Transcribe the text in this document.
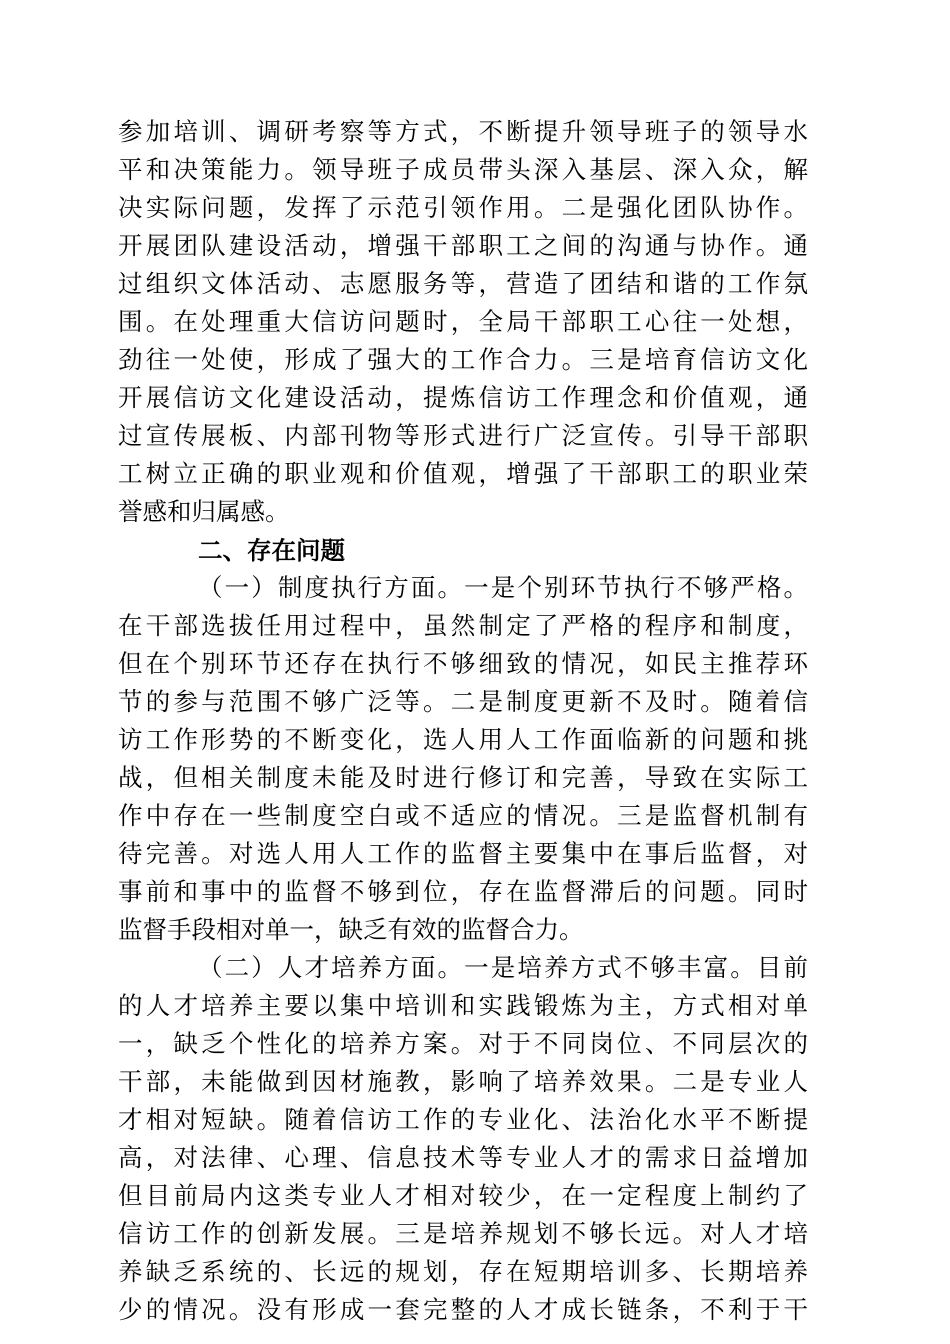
参加培训、调研考察等方式，不断提升领导班子的领导水
平和决策能力。领导班子成员带头深入基层、深入众，解
决实际问题，发挥了示范引领作用。二是强化团队协作。
开展团队建设活动，增强干部职工之间的沟通与协作。通
过组织文体活动、志愿服务等，营造了团结和谐的工作氛
围。在处理重大信访问题时，全局干部职工心往一处想，
劲往一处使，形成了强大的工作合力。三是培育信访文化
开展信访文化建设活动，提炼信访工作理念和价值观，通
过宣传展板、内部刊物等形式进行广泛宣传。引导干部职
工树立正确的职业观和价值观，增强了干部职工的职业荣
誉感和归属感。
二、存在问题
（一）制度执行方面。一是个别环节执行不够严格。
在干部选拔任用过程中，虽然制定了严格的程序和制度，
但在个别环节还存在执行不够细致的情况，如民主推荐环
节的参与范围不够广泛等。二是制度更新不及时。随着信
访工作形势的不断变化，选人用人工作面临新的问题和挑
战，但相关制度未能及时进行修订和完善，导致在实际工
作中存在一些制度空白或不适应的情况。三是监督机制有
待完善。对选人用人工作的监督主要集中在事后监督，对
事前和事中的监督不够到位，存在监督滞后的问题。同时
监督手段相对单一，缺乏有效的监督合力。
（二）人才培养方面。一是培养方式不够丰富。目前
的人才培养主要以集中培训和实践锻炼为主，方式相对单
一，缺乏个性化的培养方案。对于不同岗位、不同层次的
干部，未能做到因材施教，影响了培养效果。二是专业人
才相对短缺。随着信访工作的专业化、法治化水平不断提
高，对法律、心理、信息技术等专业人才的需求日益增加
但目前局内这类专业人才相对较少，在一定程度上制约了
信访工作的创新发展。三是培养规划不够长远。对人才培
养缺乏系统的、长远的规划，存在短期培训多、长期培养
少的情况。没有形成一套完整的人才成长链条，不利于干
